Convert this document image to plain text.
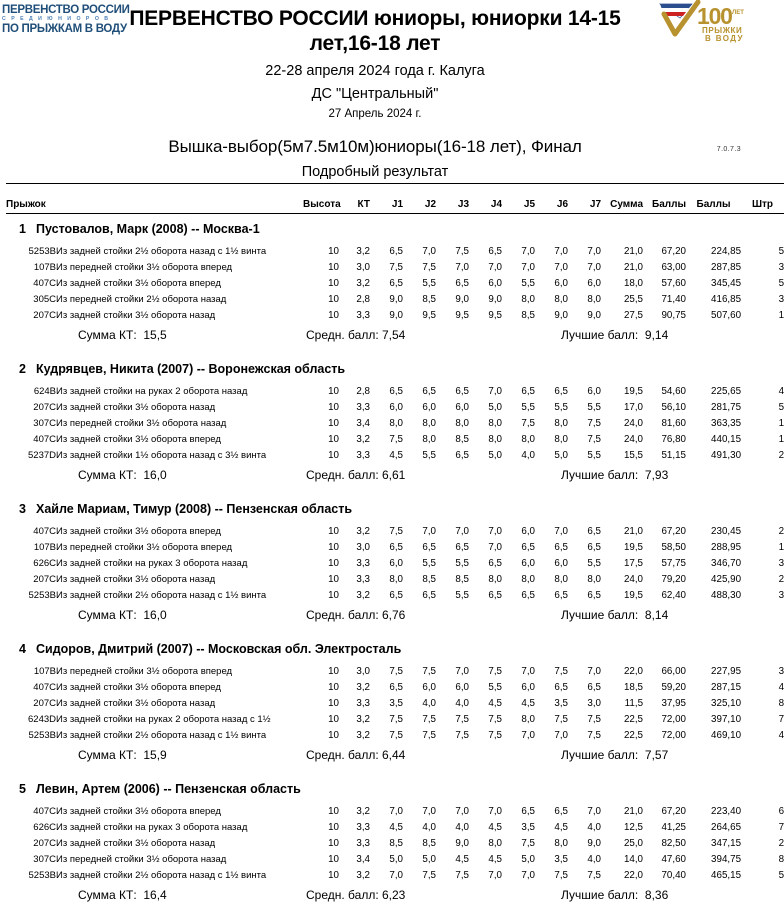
ПЕРВЕНСТВО РОССИИ
С Р Е Д И Ю Н И О Р О В
ПО ПРЫЖКАМ В ВОДУ	100 ЛЕТ
ПРЫЖКИ
В ВОДУ
ПЕРВЕНСТВО РОССИИ юниоры, юниорки 14-15 лет,16-18 лет
22-28 апреля 2024 года г. Калуга
ДС "Центральный"
27 Апрель 2024 г.
Вышка-выбор(5м7.5м10м)юниоры(16-18 лет), Финал	7.0.7.3
Подробный результат
Прыжок		Высота	КТ	J1	J2	J3	J4	J5	J6	J7	Сумма	Баллы	Баллы	Штр
1 Пустовалов, Марк (2008) -- Москва-1														
5253B	Из задней стойки 2½ оборота назад с 1½ винта	10	3,2	6,5	7,0	7,5	6,5	7,0	7,0	7,0	21,0	67,20	224,85	5
107B	Из передней стойки 3½ оборота вперед	10	3,0	7,5	7,5	7,0	7,0	7,0	7,0	7,0	21,0	63,00	287,85	3
407C	Из задней стойки 3½ оборота вперед	10	3,2	6,5	5,5	6,5	6,0	5,5	6,0	6,0	18,0	57,60	345,45	5
305C	Из передней стойки 2½ оборота назад	10	2,8	9,0	8,5	9,0	9,0	8,0	8,0	8,0	25,5	71,40	416,85	3
207C	Из задней стойки 3½ оборота назад	10	3,3	9,0	9,5	9,5	9,5	8,5	9,0	9,0	27,5	90,75	507,60	1

Сумма КТ: 15,5 Средн. балл: 7,54 Лучшие балл: 9,14														

2 Кудрявцев, Никита (2007) -- Воронежская область														
624B	Из задней стойки на руках 2 оборота назад	10	2,8	6,5	6,5	6,5	7,0	6,5	6,5	6,0	19,5	54,60	225,65	4
207C	Из задней стойки 3½ оборота назад	10	3,3	6,0	6,0	6,0	5,0	5,5	5,5	5,5	17,0	56,10	281,75	5
307C	Из передней стойки 3½ оборота назад	10	3,4	8,0	8,0	8,0	8,0	7,5	8,0	7,5	24,0	81,60	363,35	1
407C	Из задней стойки 3½ оборота вперед	10	3,2	7,5	8,0	8,5	8,0	8,0	8,0	7,5	24,0	76,80	440,15	1
5237D	Из задней стойки 1½ оборота назад с 3½ винта	10	3,3	4,5	5,5	6,5	5,0	4,0	5,0	5,5	15,5	51,15	491,30	2

Сумма КТ: 16,0 Средн. балл: 6,61 Лучшие балл: 7,93														

3 Хайле Мариам, Тимур (2008) -- Пензенская область														
407C	Из задней стойки 3½ оборота вперед	10	3,2	7,5	7,0	7,0	7,0	6,0	7,0	6,5	21,0	67,20	230,45	2
107B	Из передней стойки 3½ оборота вперед	10	3,0	6,5	6,5	6,5	7,0	6,5	6,5	6,5	19,5	58,50	288,95	1
626C	Из задней стойки на руках 3 оборота назад	10	3,3	6,0	5,5	5,5	6,5	6,0	6,0	5,5	17,5	57,75	346,70	3
207C	Из задней стойки 3½ оборота назад	10	3,3	8,0	8,5	8,5	8,0	8,0	8,0	8,0	24,0	79,20	425,90	2
5253B	Из задней стойки 2½ оборота назад с 1½ винта	10	3,2	6,5	6,5	5,5	6,5	6,5	6,5	6,5	19,5	62,40	488,30	3

Сумма КТ: 16,0 Средн. балл: 6,76 Лучшие балл: 8,14														

4 Сидоров, Дмитрий (2007) -- Московская обл. Электросталь														
107B	Из передней стойки 3½ оборота вперед	10	3,0	7,5	7,5	7,0	7,5	7,0	7,5	7,0	22,0	66,00	227,95	3
407C	Из задней стойки 3½ оборота вперед	10	3,2	6,5	6,0	6,0	5,5	6,0	6,5	6,5	18,5	59,20	287,15	4
207C	Из задней стойки 3½ оборота назад	10	3,3	3,5	4,0	4,0	4,5	4,5	3,5	3,0	11,5	37,95	325,10	8
6243D	Из задней стойки на руках 2 оборота назад с 1½	10	3,2	7,5	7,5	7,5	7,5	8,0	7,5	7,5	22,5	72,00	397,10	7
5253B	Из задней стойки 2½ оборота назад с 1½ винта	10	3,2	7,5	7,5	7,5	7,5	7,0	7,0	7,5	22,5	72,00	469,10	4

Сумма КТ: 15,9 Средн. балл: 6,44 Лучшие балл: 7,57														

5 Левин, Артем (2006) -- Пензенская область														
407C	Из задней стойки 3½ оборота вперед	10	3,2	7,0	7,0	7,0	7,0	6,5	6,5	7,0	21,0	67,20	223,40	6
626C	Из задней стойки на руках 3 оборота назад	10	3,3	4,5	4,0	4,0	4,5	3,5	4,5	4,0	12,5	41,25	264,65	7
207C	Из задней стойки 3½ оборота назад	10	3,3	8,5	8,5	9,0	8,0	7,5	8,0	9,0	25,0	82,50	347,15	2
307C	Из передней стойки 3½ оборота назад	10	3,4	5,0	5,0	4,5	4,5	5,0	3,5	4,0	14,0	47,60	394,75	8
5253B	Из задней стойки 2½ оборота назад с 1½ винта	10	3,2	7,0	7,5	7,5	7,0	7,0	7,5	7,5	22,0	70,40	465,15	5

Сумма КТ: 16,4 Средн. балл: 6,23 Лучшие балл: 8,36														
